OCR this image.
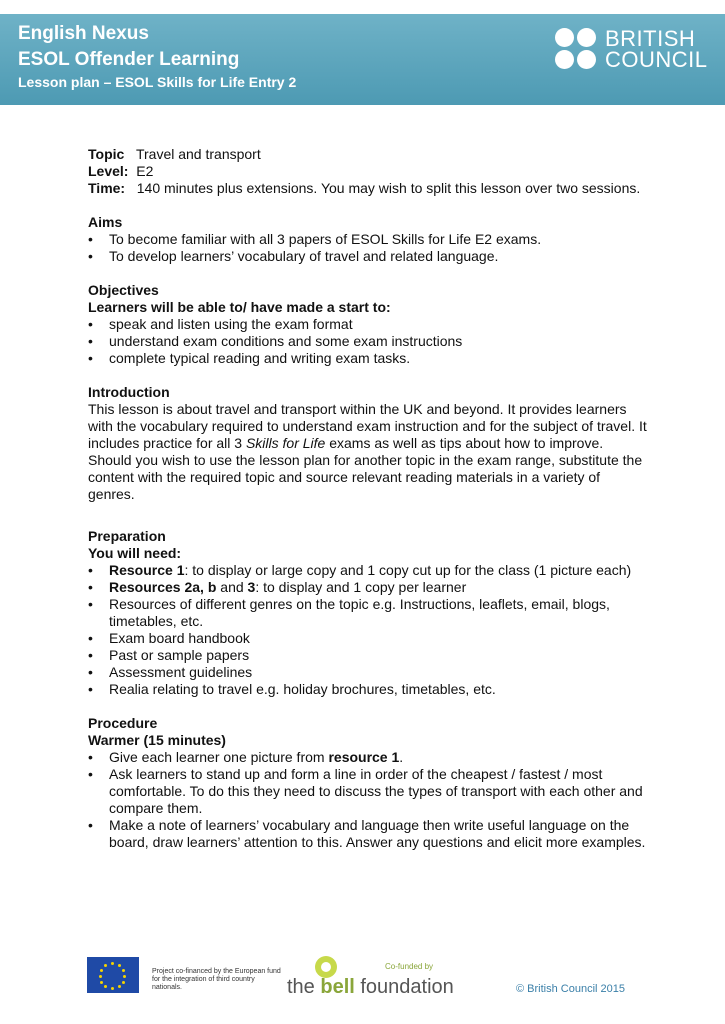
English Nexus
ESOL Offender Learning
Lesson plan – ESOL Skills for Life Entry 2
BRITISH
COUNCIL

Topic Travel and transport

Level: E2

Time: 140 minutes plus extensions. You may wish to split this lesson over two sessions.

Aims

• To become familiar with all 3 papers of ESOL Skills for Life E2 exams.
• To develop learners’ vocabulary of travel and related language.

Objectives

Learners will be able to/ have made a start to:

• speak and listen using the exam format
• understand exam conditions and some exam instructions
• complete typical reading and writing exam tasks.

Introduction

This lesson is about travel and transport within the UK and beyond. It provides learners with the vocabulary required to understand exam instruction and for the subject of travel. It includes practice for all 3 Skills for Life exams as well as tips about how to improve.

Should you wish to use the lesson plan for another topic in the exam range, substitute the content with the required topic and source relevant reading materials in a variety of genres.

Preparation

You will need:

• Resource 1: to display or large copy and 1 copy cut up for the class (1 picture each)
• Resources 2a, b and 3: to display and 1 copy per learner
• Resources of different genres on the topic e.g. Instructions, leaflets, email, blogs, timetables, etc.
• Exam board handbook
• Past or sample papers
• Assessment guidelines
• Realia relating to travel e.g. holiday brochures, timetables, etc.

Procedure

Warmer (15 minutes)

• Give each learner one picture from resource 1.
• Ask learners to stand up and form a line in order of the cheapest / fastest / most comfortable. To do this they need to discuss the types of transport with each other and compare them.
• Make a note of learners’ vocabulary and language then write useful language on the board, draw learners’ attention to this. Answer any questions and elicit more examples.
Project co-financed by the European fund for the integration of third country nationals.
Co-funded by
the bell foundation	© British Council 2015
